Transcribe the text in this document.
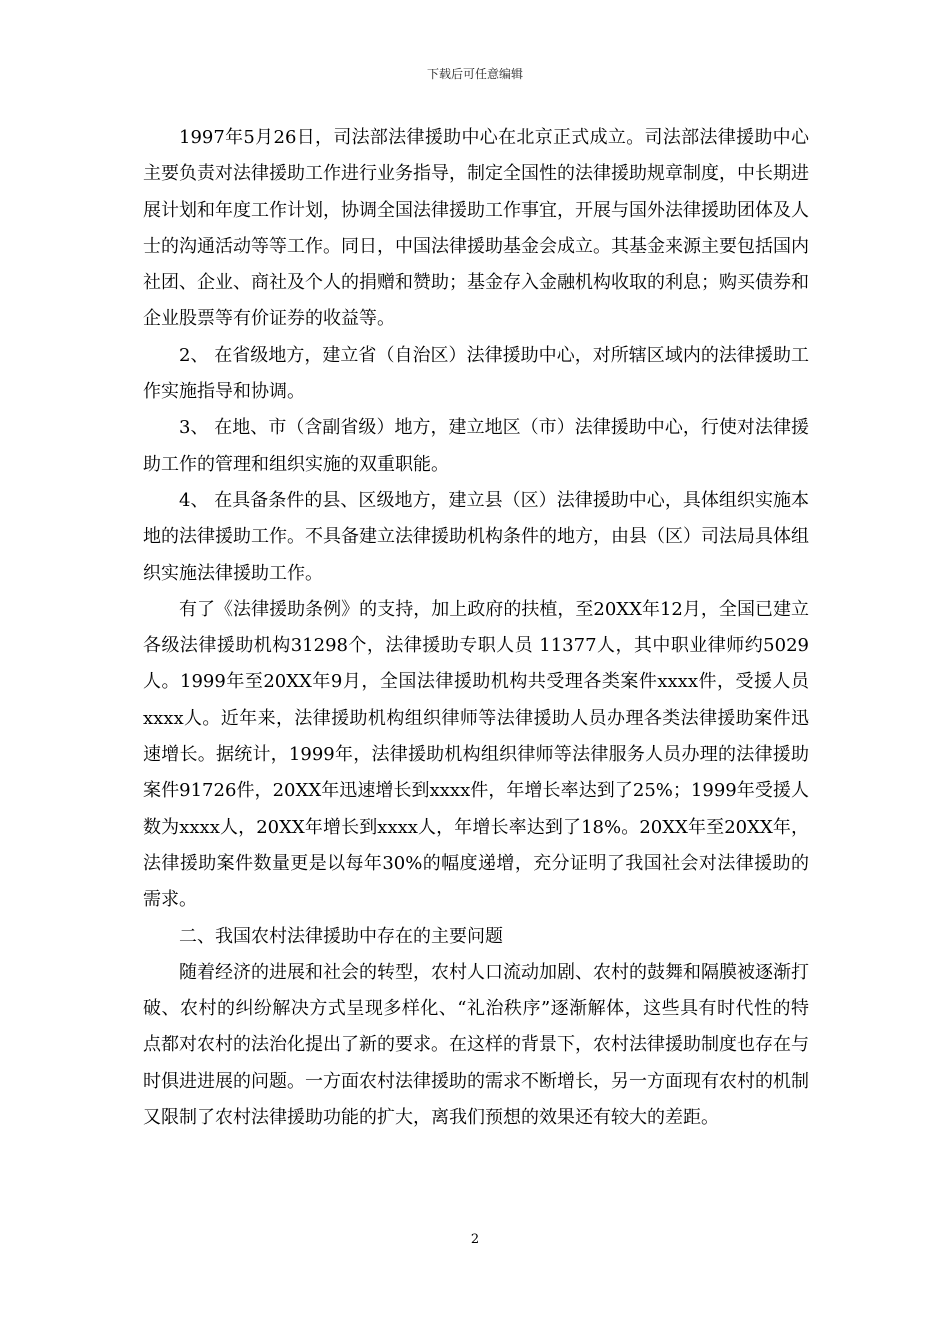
下载后可任意编辑

1997年5月26日，司法部法律援助中心在北京正式成立。司法部法律援助中心主要负责对法律援助工作进行业务指导，制定全国性的法律援助规章制度，中长期进展计划和年度工作计划，协调全国法律援助工作事宜，开展与国外法律援助团体及人士的沟通活动等等工作。同日，中国法律援助基金会成立。其基金来源主要包括国内社团、企业、商社及个人的捐赠和赞助；基金存入金融机构收取的利息；购买债券和企业股票等有价证券的收益等。

2、 在省级地方，建立省（自治区）法律援助中心，对所辖区域内的法律援助工作实施指导和协调。

3、 在地、市（含副省级）地方，建立地区（市）法律援助中心，行使对法律援助工作的管理和组织实施的双重职能。

4、 在具备条件的县、区级地方，建立县（区）法律援助中心，具体组织实施本地的法律援助工作。不具备建立法律援助机构条件的地方，由县（区）司法局具体组织实施法律援助工作。

有了《法律援助条例》的支持，加上政府的扶植，至20XX年12月，全国已建立各级法律援助机构31298个，法律援助专职人员 11377人，其中职业律师约5029人。1999年至20XX年9月，全国法律援助机构共受理各类案件xxxx件，受援人员xxxx人。近年来，法律援助机构组织律师等法律援助人员办理各类法律援助案件迅速增长。据统计，1999年，法律援助机构组织律师等法律服务人员办理的法律援助案件91726件，20XX年迅速增长到xxxx件，年增长率达到了25%；1999年受援人数为xxxx人，20XX年增长到xxxx人，年增长率达到了18%。20XX年至20XX年，法律援助案件数量更是以每年30%的幅度递增，充分证明了我国社会对法律援助的需求。

二、我国农村法律援助中存在的主要问题

随着经济的进展和社会的转型，农村人口流动加剧、农村的鼓舞和隔膜被逐渐打破、农村的纠纷解决方式呈现多样化、“礼治秩序”逐渐解体，这些具有时代性的特点都对农村的法治化提出了新的要求。在这样的背景下，农村法律援助制度也存在与时俱进进展的问题。一方面农村法律援助的需求不断增长，另一方面现有农村的机制又限制了农村法律援助功能的扩大，离我们预想的效果还有较大的差距。

2
